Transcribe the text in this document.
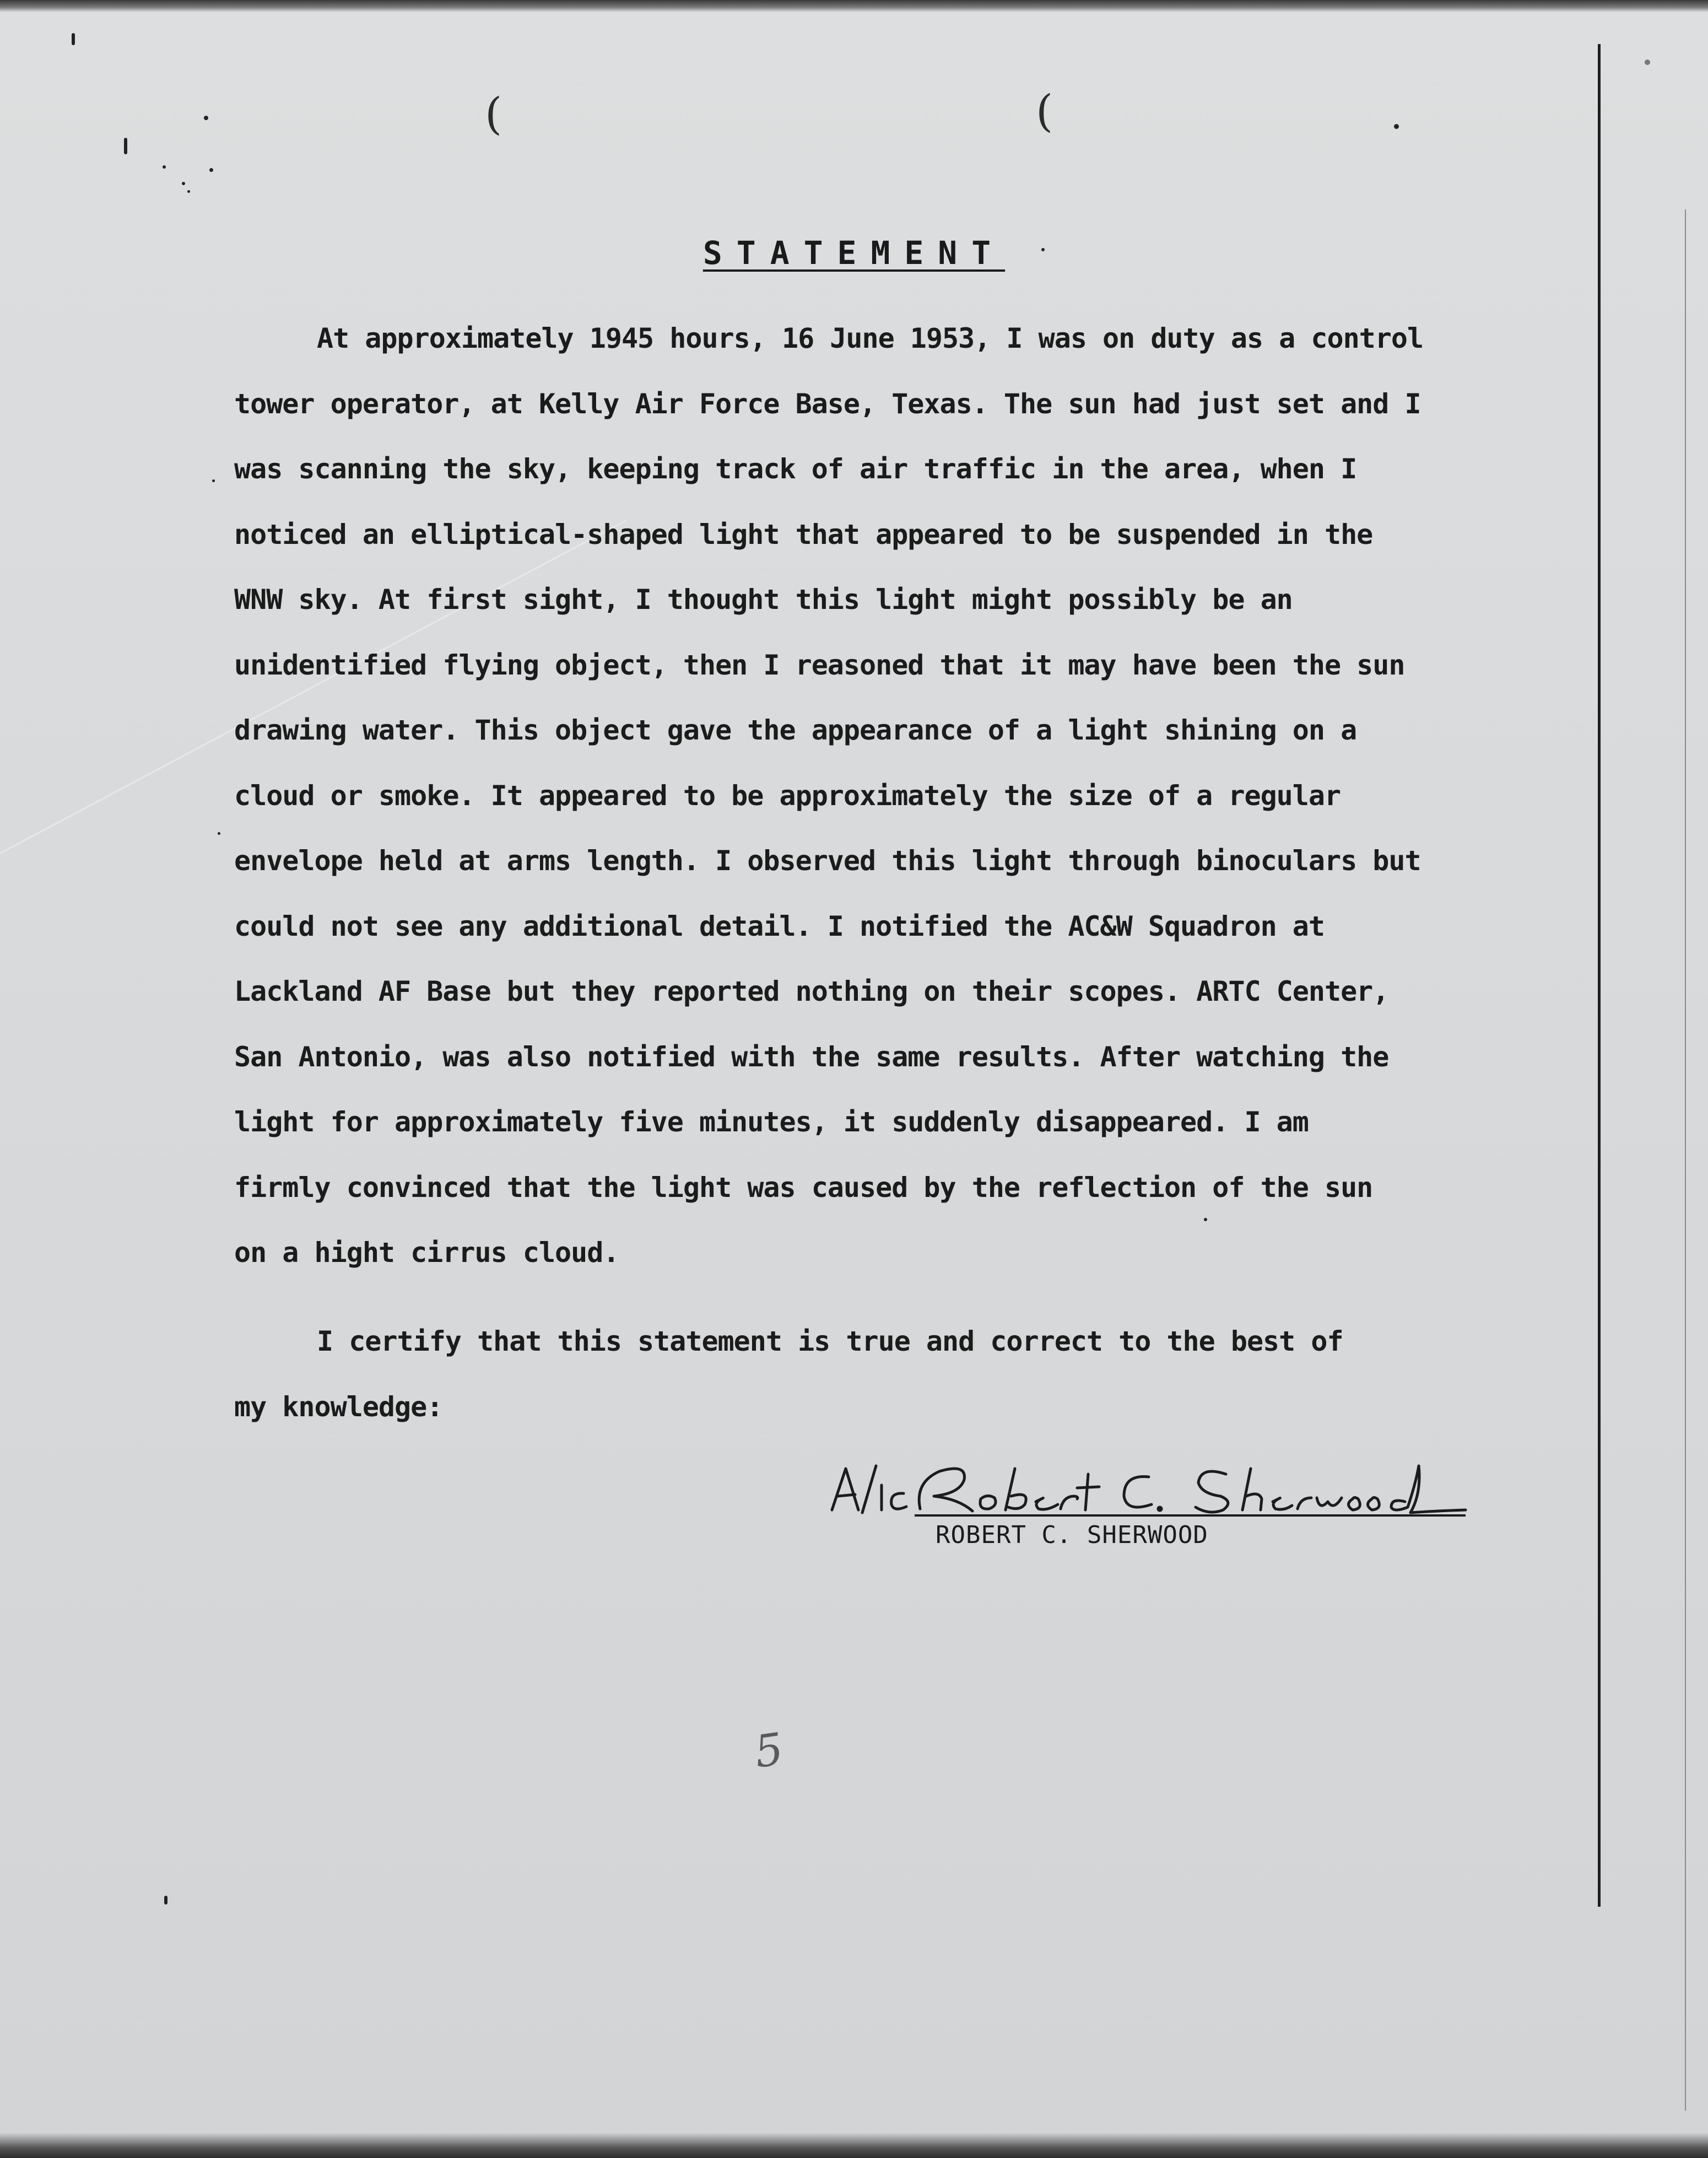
(	(
STATEMENT
At approximately 1945 hours, 16 June 1953, I was on duty as a control
tower operator, at Kelly Air Force Base, Texas. The sun had just set and I
was scanning the sky, keeping track of air traffic in the area, when I
noticed an elliptical-shaped light that appeared to be suspended in the
WNW sky. At first sight, I thought this light might possibly be an
unidentified flying object, then I reasoned that it may have been the sun
drawing water. This object gave the appearance of a light shining on a
cloud or smoke. It appeared to be approximately the size of a regular
envelope held at arms length. I observed this light through binoculars but
could not see any additional detail. I notified the AC&W Squadron at
Lackland AF Base but they reported nothing on their scopes. ARTC Center,
San Antonio, was also notified with the same results. After watching the
light for approximately five minutes, it suddenly disappeared. I am
firmly convinced that the light was caused by the reflection of the sun
on a hight cirrus cloud.
I certify that this statement is true and correct to the best of
my knowledge:
ROBERT C. SHERWOOD
5
